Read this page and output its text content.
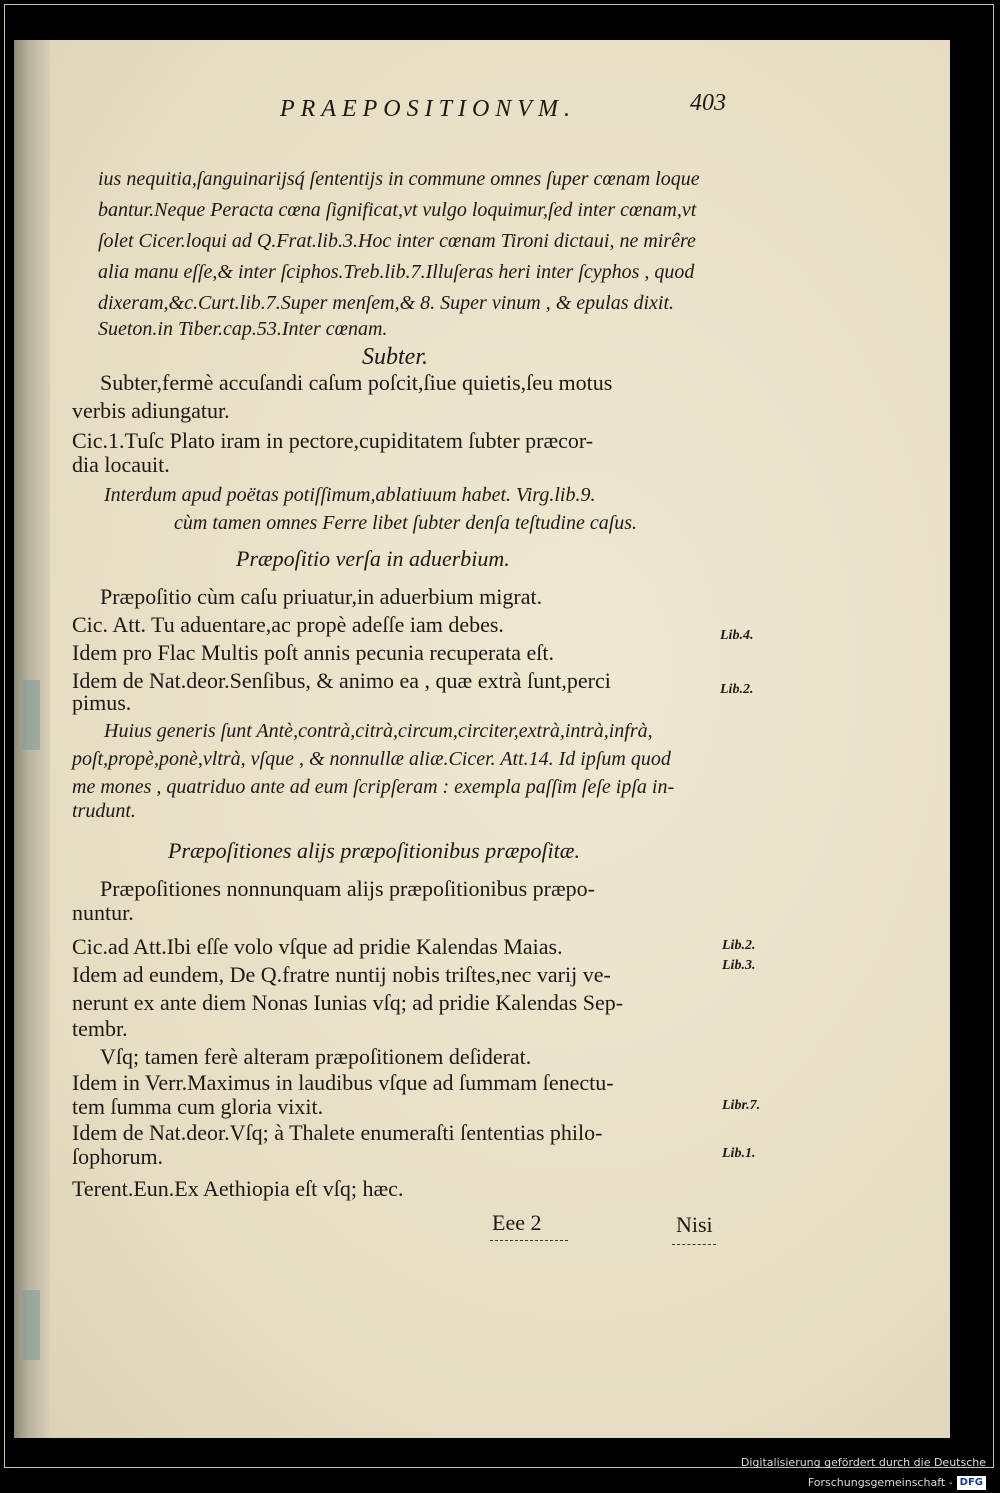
PRAEPOSITIONVM.	403
ius nequitia,ſanguinarijsq́ ſententijs in commune omnes ſuper cœnam loque
bantur.Neque Peracta cœna ſignificat,vt vulgo loquimur,ſed inter cœnam,vt
ſolet Cicer.loqui ad Q.Frat.lib.3.Hoc inter cœnam Tironi dictaui, ne mirêre
alia manu eſſe,& inter ſciphos.Treb.lib.7.Illuſeras heri inter ſcyphos , quod
dixeram,&c.Curt.lib.7.Super menſem,& 8. Super vinum , & epulas dixit.
Sueton.in Tiber.cap.53.Inter cœnam.
Subter.
Subter,fermè accuſandi caſum poſcit,ſiue quietis,ſeu motus
verbis adiungatur.
Cic.1.Tuſc Plato iram in pectore,cupiditatem ſubter præcor-
dia locauit.
Interdum apud poëtas potiſſimum,ablatiuum habet. Virg.lib.9.
cùm tamen omnes Ferre libet ſubter denſa teſtudine caſus.
Præpoſitio verſa in aduerbium.
Præpoſitio cùm caſu priuatur,in aduerbium migrat.
Cic. Att. Tu aduentare,ac propè adeſſe iam debes.
Idem pro Flac Multis poſt annis pecunia recuperata eſt.
Idem de Nat.deor.Senſibus, & animo ea , quæ extrà ſunt,perci
pimus.
Huius generis ſunt Antè,contrà,citrà,circum,circiter,extrà,intrà,infrà,
poſt,propè,ponè,vltrà, vſque , & nonnullæ aliæ.Cicer. Att.14. Id ipſum quod
me mones , quatriduo ante ad eum ſcripſeram : exempla paſſim ſeſe ipſa in-
trudunt.
Præpoſitiones alijs præpoſitionibus præpoſitæ.
Præpoſitiones nonnunquam alijs præpoſitionibus præpo-
nuntur.
Cic.ad Att.Ibi eſſe volo vſque ad pridie Kalendas Maias.
Idem ad eundem, De Q.fratre nuntij nobis triſtes,nec varij ve-
nerunt ex ante diem Nonas Iunias vſq; ad pridie Kalendas Sep-
tembr.
Vſq; tamen ferè alteram præpoſitionem deſiderat.
Idem in Verr.Maximus in laudibus vſque ad ſummam ſenectu-
tem ſumma cum gloria vixit.
Idem de Nat.deor.Vſq; à Thalete enumeraſti ſententias philo-
ſophorum.
Terent.Eun.Ex Aethiopia eſt vſq; hæc.
Lib.4.
Lib.2.
Lib.2.
Lib.3.
Libr.7.
Lib.1.
Eee 2	Nisi
Digitalisierung gefördert durch die Deutsche Forschungsgemeinschaft - DFG
